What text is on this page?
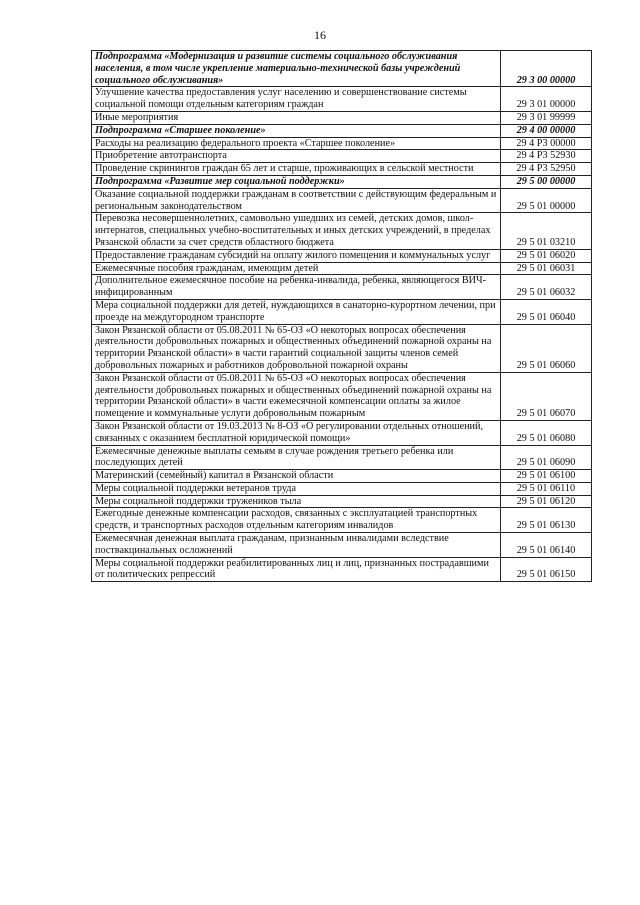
16
Подпрограмма «Модернизация и развитие системы социального обслуживания населения, в том числе укрепление материально-технической базы учреждений социального обслуживания»	29 3 00 00000
Улучшение качества предоставления услуг населению и совершенствование системы социальной помощи отдельным категориям граждан	29 3 01 00000
Иные мероприятия	29 3 01 99999
Подпрограмма «Старшее поколение»	29 4 00 00000
Расходы на реализацию федерального проекта «Старшее поколение»	29 4 P3 00000
Приобретение автотранспорта	29 4 P3 52930
Проведение скринингов граждан 65 лет и старше, проживающих в сельской местности	29 4 P3 52950
Подпрограмма «Развитие мер социальной поддержки»	29 5 00 00000
Оказание социальной поддержки гражданам в соответствии с действующим федеральным и региональным законодательством	29 5 01 00000
Перевозка несовершеннолетних, самовольно ушедших из семей, детских домов, школ-интернатов, специальных учебно-воспитательных и иных детских учреждений, в пределах Рязанской области за счет средств областного бюджета	29 5 01 03210
Предоставление гражданам субсидий на оплату жилого помещения и коммунальных услуг	29 5 01 06020
Ежемесячные пособия гражданам, имеющим детей	29 5 01 06031
Дополнительное ежемесячное пособие на ребенка-инвалида, ребенка, являющегося ВИЧ-инфицированным	29 5 01 06032
Мера социальной поддержки для детей, нуждающихся в санаторно-курортном лечении, при проезде на междугородном транспорте	29 5 01 06040
Закон Рязанской области от 05.08.2011 № 65-ОЗ «О некоторых вопросах обеспечения деятельности добровольных пожарных и общественных объединений пожарной охраны на территории Рязанской области» в части гарантий социальной защиты членов семей добровольных пожарных и работников добровольной пожарной охраны	29 5 01 06060
Закон Рязанской области от 05.08.2011 № 65-ОЗ «О некоторых вопросах обеспечения деятельности добровольных пожарных и общественных объединений пожарной охраны на территории Рязанской области» в части ежемесячной компенсации оплаты за жилое помещение и коммунальные услуги добровольным пожарным	29 5 01 06070
Закон Рязанской области от 19.03.2013 № 8-ОЗ «О регулировании отдельных отношений, связанных с оказанием бесплатной юридической помощи»	29 5 01 06080
Ежемесячные денежные выплаты семьям в случае рождения третьего ребенка или последующих детей	29 5 01 06090
Материнский (семейный) капитал в Рязанской области	29 5 01 06100
Меры социальной поддержки ветеранов труда	29 5 01 06110
Меры социальной поддержки тружеников тыла	29 5 01 06120
Ежегодные денежные компенсации расходов, связанных с эксплуатацией транспортных средств, и транспортных расходов отдельным категориям инвалидов	29 5 01 06130
Ежемесячная денежная выплата гражданам, признанным инвалидами вследствие поствакцинальных осложнений	29 5 01 06140
Меры социальной поддержки реабилитированных лиц и лиц, признанных пострадавшими от политических репрессий	29 5 01 06150
